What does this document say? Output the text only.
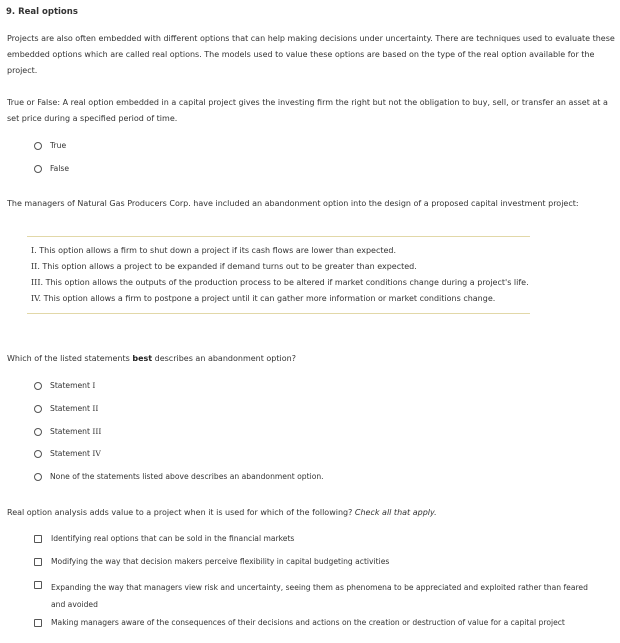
9. Real options
Projects are also often embedded with different options that can help making decisions under uncertainty. There are techniques used to evaluate these embedded options which are called real options. The models used to value these options are based on the type of the real option available for the project.
True or False: A real option embedded in a capital project gives the investing firm the right but not the obligation to buy, sell, or transfer an asset at a set price during a specified period of time.
True
False
The managers of Natural Gas Producers Corp. have included an abandonment option into the design of a proposed capital investment project:
I. This option allows a firm to shut down a project if its cash flows are lower than expected.
II. This option allows a project to be expanded if demand turns out to be greater than expected.
III. This option allows the outputs of the production process to be altered if market conditions change during a project's life.
IV. This option allows a firm to postpone a project until it can gather more information or market conditions change.
Which of the listed statements best describes an abandonment option?
Statement I
Statement II
Statement III
Statement IV
None of the statements listed above describes an abandonment option.
Real option analysis adds value to a project when it is used for which of the following? Check all that apply.
Identifying real options that can be sold in the financial markets
Modifying the way that decision makers perceive flexibility in capital budgeting activities
Expanding the way that managers view risk and uncertainty, seeing them as phenomena to be appreciated and exploited rather than feared and avoided
Making managers aware of the consequences of their decisions and actions on the creation or destruction of value for a capital project
